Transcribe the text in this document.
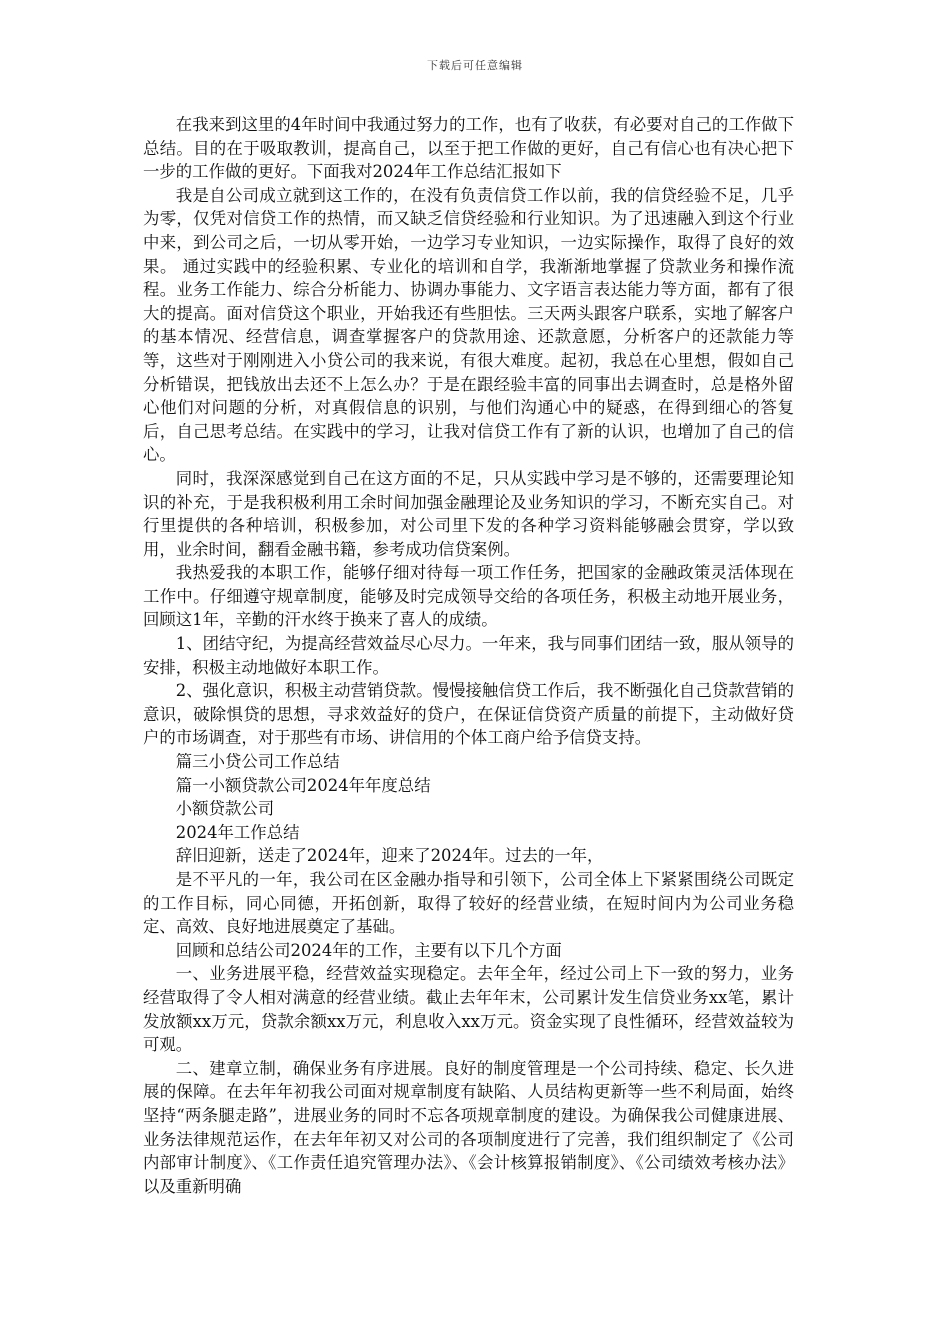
下载后可任意编辑

在我来到这里的4年时间中我通过努力的工作，也有了收获，有必要对自己的工作做下总结。目的在于吸取教训，提高自己，以至于把工作做的更好，自己有信心也有决心把下一步的工作做的更好。下面我对2024年工作总结汇报如下

我是自公司成立就到这工作的，在没有负责信贷工作以前，我的信贷经验不足，几乎为零，仅凭对信贷工作的热情，而又缺乏信贷经验和行业知识。为了迅速融入到这个行业中来，到公司之后，一切从零开始，一边学习专业知识，一边实际操作，取得了良好的效果。 通过实践中的经验积累、专业化的培训和自学，我渐渐地掌握了贷款业务和操作流程。业务工作能力、综合分析能力、协调办事能力、文字语言表达能力等方面，都有了很大的提高。面对信贷这个职业，开始我还有些胆怯。三天两头跟客户联系，实地了解客户的基本情况、经营信息，调查掌握客户的贷款用途、还款意愿，分析客户的还款能力等等，这些对于刚刚进入小贷公司的我来说，有很大难度。起初，我总在心里想，假如自己分析错误，把钱放出去还不上怎么办？于是在跟经验丰富的同事出去调查时，总是格外留心他们对问题的分析，对真假信息的识别，与他们沟通心中的疑惑，在得到细心的答复后，自己思考总结。在实践中的学习，让我对信贷工作有了新的认识，也增加了自己的信心。

同时，我深深感觉到自己在这方面的不足，只从实践中学习是不够的，还需要理论知识的补充，于是我积极利用工余时间加强金融理论及业务知识的学习，不断充实自己。对行里提供的各种培训，积极参加，对公司里下发的各种学习资料能够融会贯穿，学以致用，业余时间，翻看金融书籍，参考成功信贷案例。

我热爱我的本职工作，能够仔细对待每一项工作任务，把国家的金融政策灵活体现在工作中。仔细遵守规章制度，能够及时完成领导交给的各项任务，积极主动地开展业务，回顾这1年，辛勤的汗水终于换来了喜人的成绩。

1、团结守纪，为提高经营效益尽心尽力。一年来，我与同事们团结一致，服从领导的安排，积极主动地做好本职工作。

2、强化意识，积极主动营销贷款。慢慢接触信贷工作后，我不断强化自己贷款营销的意识，破除惧贷的思想，寻求效益好的贷户，在保证信贷资产质量的前提下，主动做好贷户的市场调查，对于那些有市场、讲信用的个体工商户给予信贷支持。

篇三小贷公司工作总结

篇一小额贷款公司2024年年度总结

小额贷款公司

2024年工作总结

辞旧迎新，送走了2024年，迎来了2024年。过去的一年，

是不平凡的一年，我公司在区金融办指导和引领下，公司全体上下紧紧围绕公司既定的工作目标，同心同德，开拓创新，取得了较好的经营业绩，在短时间内为公司业务稳定、高效、良好地进展奠定了基础。

回顾和总结公司2024年的工作，主要有以下几个方面

一、业务进展平稳，经营效益实现稳定。去年全年，经过公司上下一致的努力，业务经营取得了令人相对满意的经营业绩。截止去年年末，公司累计发生信贷业务xx笔，累计发放额xx万元，贷款余额xx万元，利息收入xx万元。资金实现了良性循环，经营效益较为可观。

二、建章立制，确保业务有序进展。良好的制度管理是一个公司持续、稳定、长久进展的保障。在去年年初我公司面对规章制度有缺陷、人员结构更新等一些不利局面，始终坚持“两条腿走路”，进展业务的同时不忘各项规章制度的建设。为确保我公司健康进展、业务法律规范运作，在去年年初又对公司的各项制度进行了完善，我们组织制定了《公司内部审计制度》、《工作责任追究管理办法》、《会计核算报销制度》、《公司绩效考核办法》以及重新明确
